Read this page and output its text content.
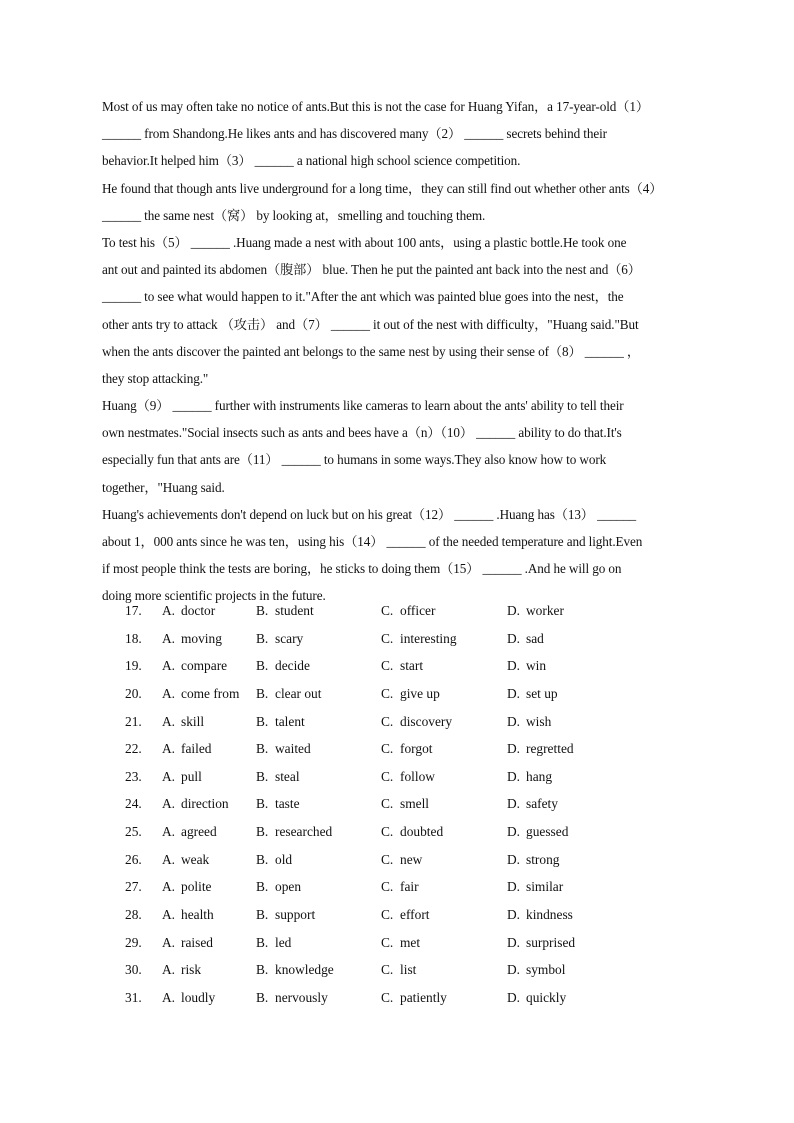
Most of us may often take no notice of ants.But this is not the case for Huang Yifan，a 17-year-old（1）
______ from Shandong.He likes ants and has discovered many（2） ______ secrets behind their
behavior.It helped him（3） ______ a national high school science competition.
He found that though ants live underground for a long time，they can still find out whether other ants（4）
______ the same nest（窝） by looking at，smelling and touching them.
To test his（5） ______ .Huang made a nest with about 100 ants，using a plastic bottle.He took one
ant out and painted its abdomen（腹部） blue. Then he put the painted ant back into the nest and（6）
______ to see what would happen to it."After the ant which was painted blue goes into the nest，the
other ants try to attack （攻击） and（7） ______ it out of the nest with difficulty，"Huang said."But
when the ants discover the painted ant belongs to the same nest by using their sense of（8） ______ ，
they stop attacking."
Huang（9） ______ further with instruments like cameras to learn about the ants' ability to tell their
own nestmates."Social insects such as ants and bees have a（n）（10） ______ ability to do that.It's
especially fun that ants are（11） ______ to humans in some ways.They also know how to work
together，"Huang said.
Huang's achievements don't depend on luck but on his great（12） ______ .Huang has（13） ______
about 1，000 ants since he was ten，using his（14） ______ of the needed temperature and light.Even
if most people think the tests are boring，he sticks to doing them（15） ______ .And he will go on
doing more scientific projects in the future.
17.	A. doctor	B. student	C. officer	D. worker
18.	A. moving	B. scary	C. interesting	D. sad
19.	A. compare B. decide	C. start	D. win
20.	A. come from B. clear out	C. give up	D. set up
21.	A. skill	B. talent	C. discovery	D. wish
22.	A. failed	B. waited	C. forgot	D. regretted
23.	A. pull	B. steal	C. follow	D. hang
24.	A. direction B. taste	C. smell	D. safety
25.	A. agreed	B. researched	C. doubted	D. guessed
26.	A. weak	B. old	C. new	D. strong
27.	A. polite	B. open	C. fair	D. similar
28.	A. health	B. support	C. effort	D. kindness
29.	A. raised	B. led	C. met	D. surprised
30.	A. risk	B. knowledge	C. list	D. symbol
31.	A. loudly	B. nervously	C. patiently	D. quickly
